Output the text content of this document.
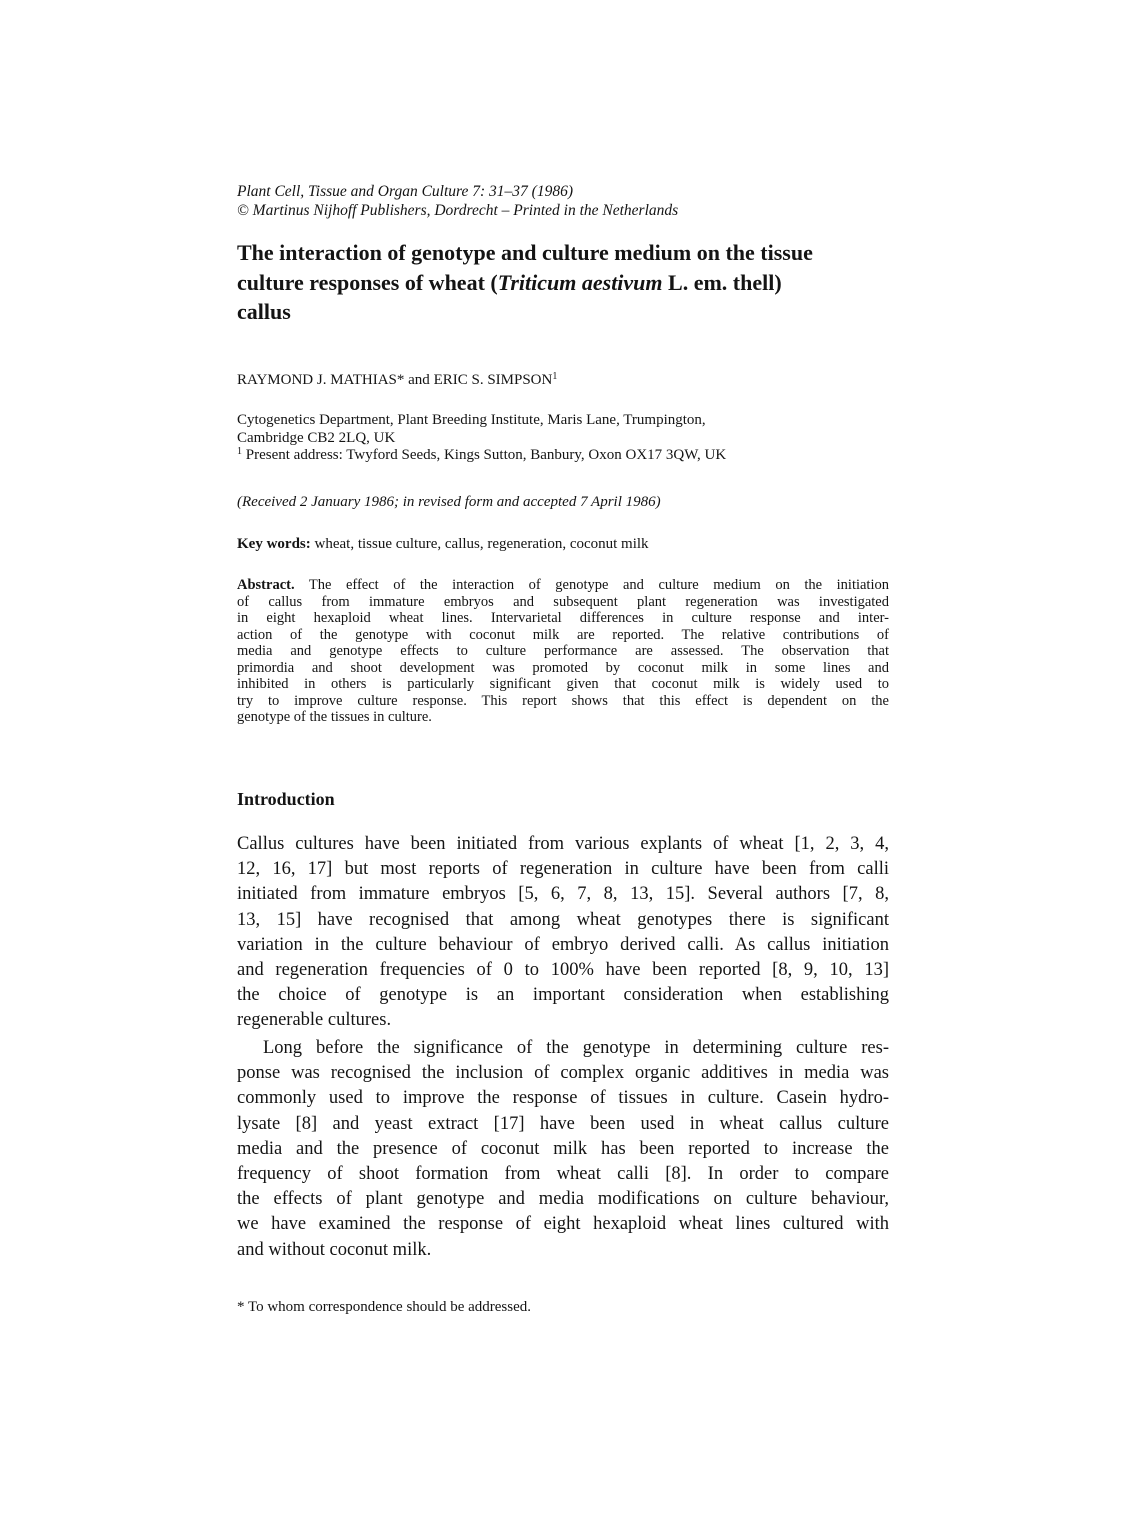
Plant Cell, Tissue and Organ Culture 7: 31–37 (1986)
© Martinus Nijhoff Publishers, Dordrecht – Printed in the Netherlands
The interaction of genotype and culture medium on the tissue culture responses of wheat (Triticum aestivum L. em. thell) callus
RAYMOND J. MATHIAS* and ERIC S. SIMPSON$^1$
Cytogenetics Department, Plant Breeding Institute, Maris Lane, Trumpington,
Cambridge CB2 2LQ, UK
$^1$ Present address: Twyford Seeds, Kings Sutton, Banbury, Oxon OX17 3QW, UK
(Received 2 January 1986; in revised form and accepted 7 April 1986)
Key words: wheat, tissue culture, callus, regeneration, coconut milk
Abstract. The effect of the interaction of genotype and culture medium on the initiation
of callus from immature embryos and subsequent plant regeneration was investigated
in eight hexaploid wheat lines. Intervarietal differences in culture response and inter-
action of the genotype with coconut milk are reported. The relative contributions of
media and genotype effects to culture performance are assessed. The observation that
primordia and shoot development was promoted by coconut milk in some lines and
inhibited in others is particularly significant given that coconut milk is widely used to
try to improve culture response. This report shows that this effect is dependent on the
genotype of the tissues in culture.
Introduction
Callus cultures have been initiated from various explants of wheat [1, 2, 3, 4,
12, 16, 17] but most reports of regeneration in culture have been from calli
initiated from immature embryos [5, 6, 7, 8, 13, 15]. Several authors [7, 8,
13, 15] have recognised that among wheat genotypes there is significant
variation in the culture behaviour of embryo derived calli. As callus initiation
and regeneration frequencies of 0 to 100% have been reported [8, 9, 10, 13]
the choice of genotype is an important consideration when establishing
regenerable cultures.
Long before the significance of the genotype in determining culture res-
ponse was recognised the inclusion of complex organic additives in media was
commonly used to improve the response of tissues in culture. Casein hydro-
lysate [8] and yeast extract [17] have been used in wheat callus culture
media and the presence of coconut milk has been reported to increase the
frequency of shoot formation from wheat calli [8]. In order to compare
the effects of plant genotype and media modifications on culture behaviour,
we have examined the response of eight hexaploid wheat lines cultured with
and without coconut milk.
* To whom correspondence should be addressed.
